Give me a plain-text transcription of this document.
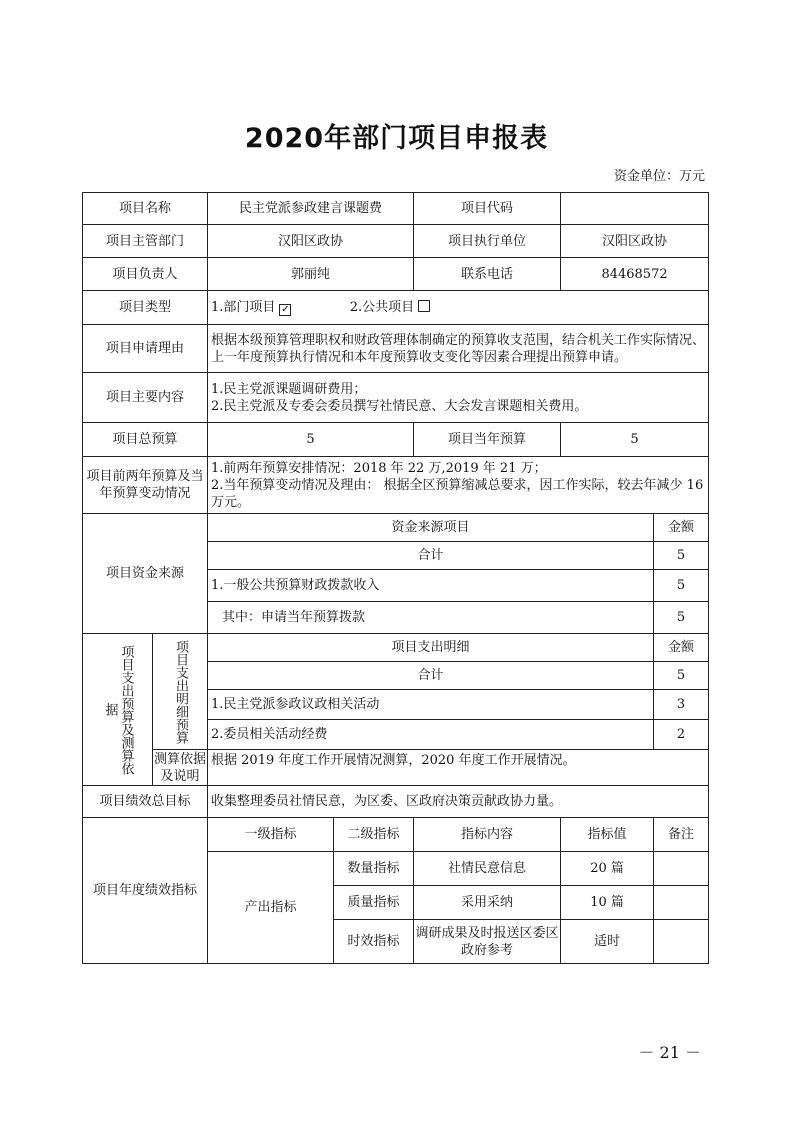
2020年部门项目申报表
资金单位：万元
项目名称		民主党派参政建言课题费		项目代码		
项目主管部门		汉阳区政协		项目执行单位	汉阳区政协	
项目负责人		郭丽纯		联系电话	84468572	
项目类型		1.部门项目 ✓ 2.公共项目				
项目申请理由		根据本级预算管理职权和财政管理体制确定的预算收支范围，结合机关工作实际情况、上一年度预算执行情况和本年度预算收支变化等因素合理提出预算申请。				
项目主要内容		1.民主党派课题调研费用；
2.民主党派及专委会委员撰写社情民意、大会发言课题相关费用。				

项目总预算		5		项目当年预算	5	
项目前两年预算及当年预算变动情况		1.前两年预算安排情况：2018 年 22 万,2019 年 21 万；
2.当年预算变动情况及理由： 根据全区预算缩减总要求，因工作实际，较去年减少 16 万元。				

项目资金来源		资金来源项目				金额
		合计				5
		1.一般公共预算财政拨款收入				5
		其中：申请当年预算拨款				5

项目支出预算及测算依据	项目支出明细预算	项目支出明细				金额
		合计				5
		1.民主党派参政议政相关活动				3
		2.委员相关活动经费				2
	测算依据及说明	根据 2019 年度工作开展情况测算，2020 年度工作开展情况。				
项目绩效总目标		收集整理委员社情民意，为区委、区政府决策贡献政协力量。				
项目年度绩效指标		一级指标	二级指标	指标内容	指标值	备注
		产出指标	数量指标	社情民意信息	20 篇	
			质量指标	采用采纳	10 篇	
			时效指标	调研成果及时报送区委区政府参考	适时	
－ 21 －
